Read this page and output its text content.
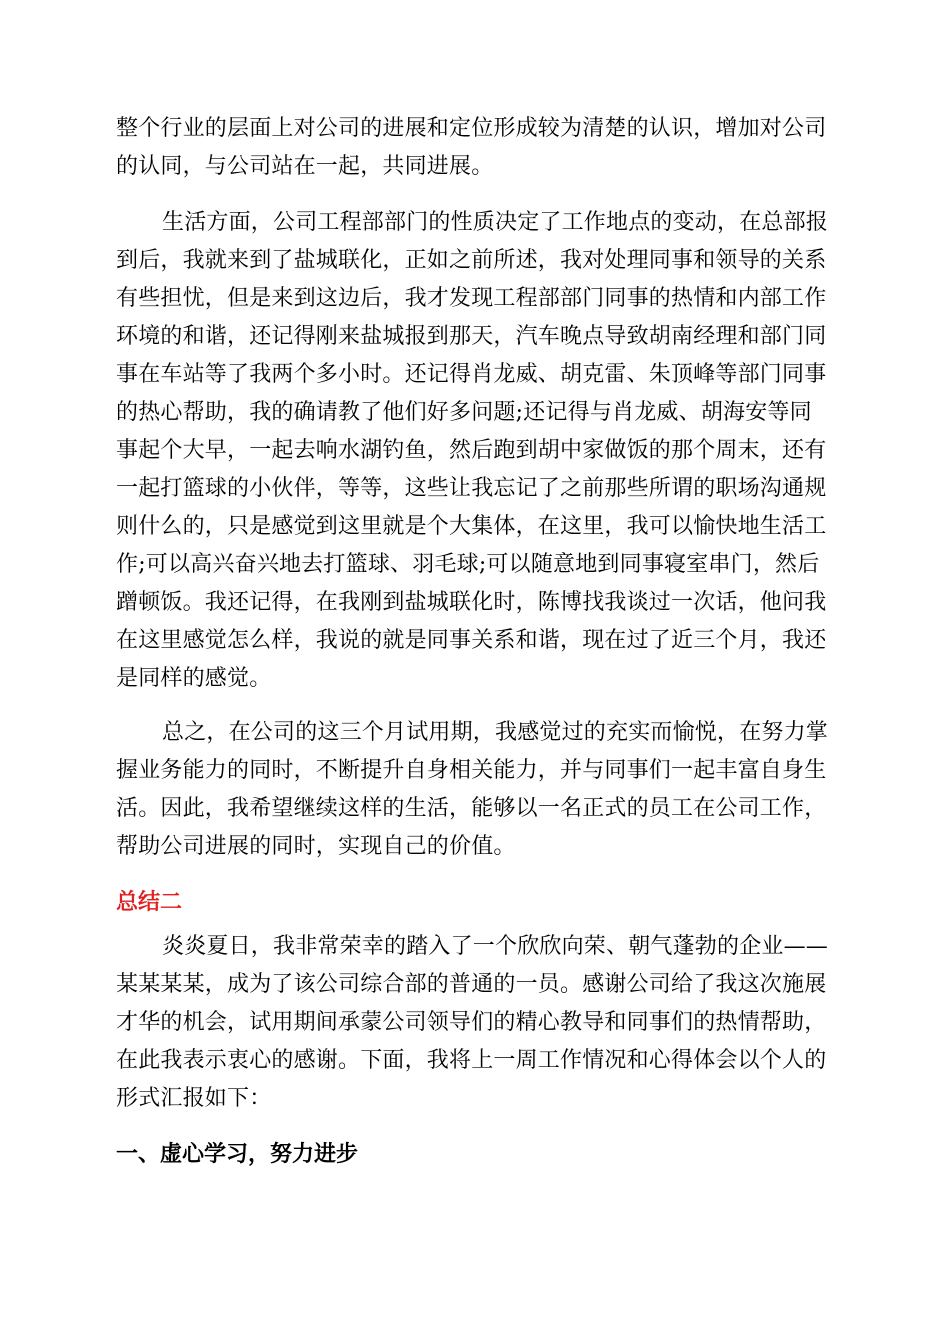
整个行业的层面上对公司的进展和定位形成较为清楚的认识，增加对公司
的认同，与公司站在一起，共同进展。
生活方面，公司工程部部门的性质决定了工作地点的变动，在总部报
到后，我就来到了盐城联化，正如之前所述，我对处理同事和领导的关系
有些担忧，但是来到这边后，我才发现工程部部门同事的热情和内部工作
环境的和谐，还记得刚来盐城报到那天，汽车晚点导致胡南经理和部门同
事在车站等了我两个多小时。还记得肖龙威、胡克雷、朱顶峰等部门同事
的热心帮助，我的确请教了他们好多问题;还记得与肖龙威、胡海安等同
事起个大早，一起去响水湖钓鱼，然后跑到胡中家做饭的那个周末，还有
一起打篮球的小伙伴，等等，这些让我忘记了之前那些所谓的职场沟通规
则什么的，只是感觉到这里就是个大集体，在这里，我可以愉快地生活工
作;可以高兴奋兴地去打篮球、羽毛球;可以随意地到同事寝室串门，然后
蹭顿饭。我还记得，在我刚到盐城联化时，陈博找我谈过一次话，他问我
在这里感觉怎么样，我说的就是同事关系和谐，现在过了近三个月，我还
是同样的感觉。
总之，在公司的这三个月试用期，我感觉过的充实而愉悦，在努力掌
握业务能力的同时，不断提升自身相关能力，并与同事们一起丰富自身生
活。因此，我希望继续这样的生活，能够以一名正式的员工在公司工作，
帮助公司进展的同时，实现自己的价值。
总结二
炎炎夏日，我非常荣幸的踏入了一个欣欣向荣、朝气蓬勃的企业——
某某某某，成为了该公司综合部的普通的一员。感谢公司给了我这次施展
才华的机会，试用期间承蒙公司领导们的精心教导和同事们的热情帮助，
在此我表示衷心的感谢。下面，我将上一周工作情况和心得体会以个人的
形式汇报如下：
一、虚心学习，努力进步
